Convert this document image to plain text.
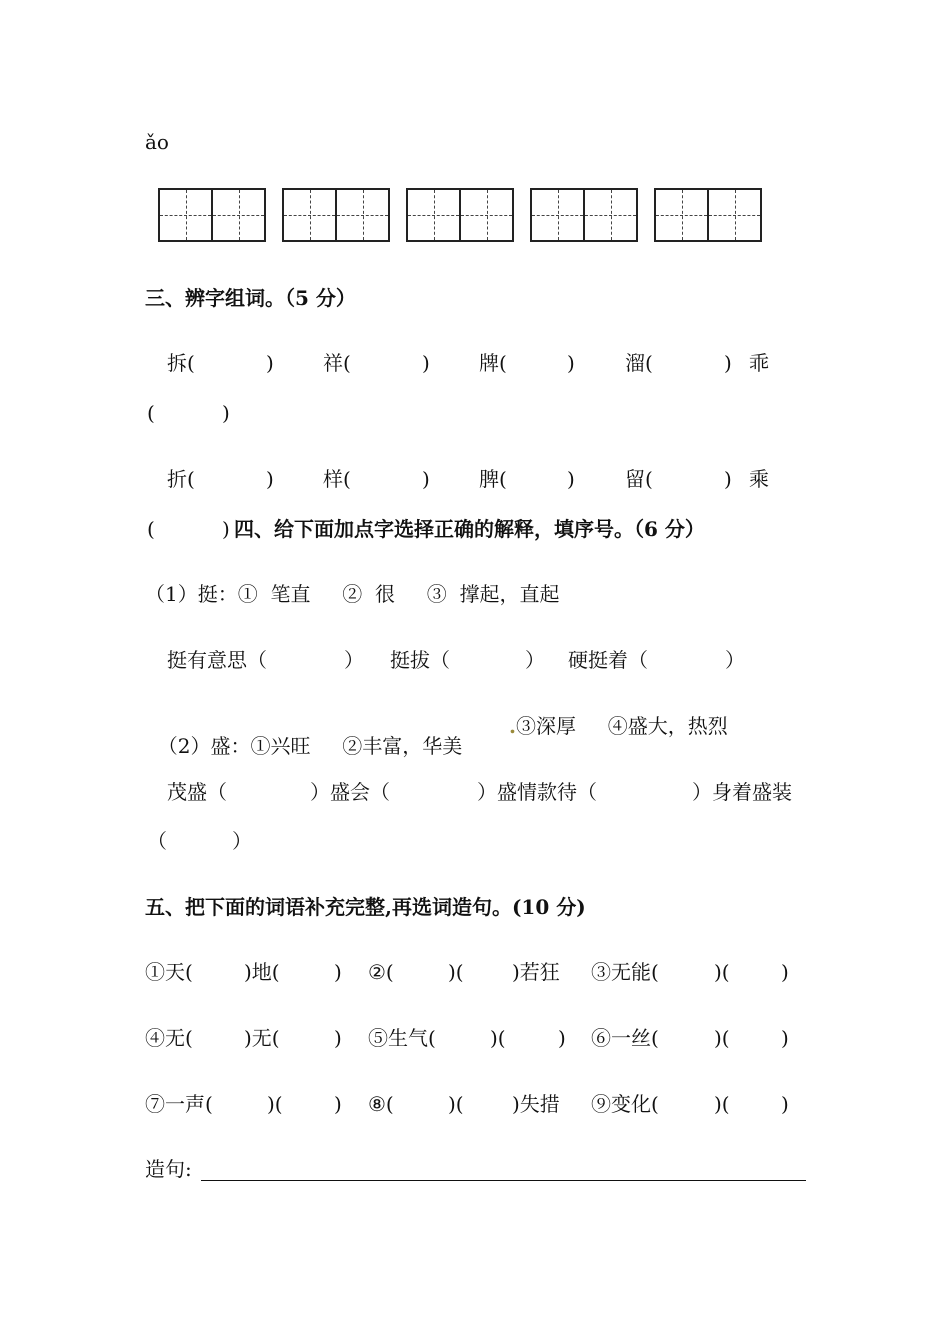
ǎo
三、辨字组词。（5 分）
拆(	) 祥(	) 牌(	)	溜(	) 乖
(	)
折(	) 样(	) 脾(	)	留(	) 乘
(	) 四、给下面加点字选择正确的解释，填序号。（6 分）
（1）挺：①  笔直     ②  很     ③  撑起，直起
挺有意思（	） 挺拔（	） 硬挺着（	）

（2）盛：①兴旺     ②丰富，华美

. ③深厚     ④盛大，热烈
茂盛（	）盛会（	）盛情款待（	）身着盛装
（	）
五、把下面的词语补充完整,再选词造句。(10 分)
①天(	)地(	) ②(	)( )若狂 ③无能(	)(	)
④无(	)无(	) ⑤生气(	)(	) ⑥一丝(	)(	)
⑦一声(	)(	) ⑧(	)( )失措 ⑨变化(	)(	)
造句:
